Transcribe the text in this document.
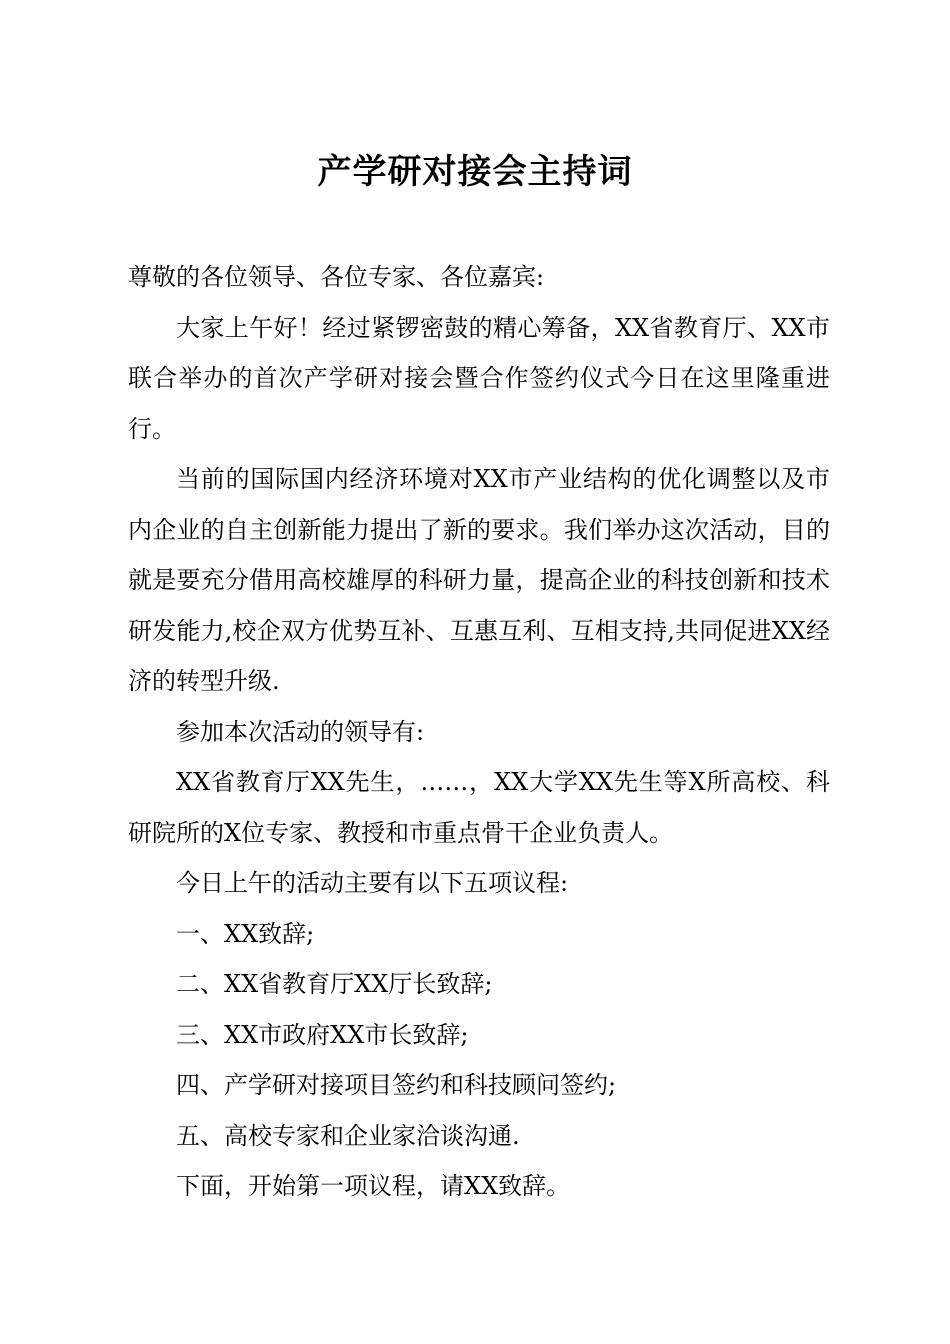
产学研对接会主持词

尊敬的各位领导、各位专家、各位嘉宾:

大家上午好！经过紧锣密鼓的精心筹备，XX省教育厅、XX市联合举办的首次产学研对接会暨合作签约仪式今日在这里隆重进行。

当前的国际国内经济环境对XX市产业结构的优化调整以及市内企业的自主创新能力提出了新的要求。我们举办这次活动，目的就是要充分借用高校雄厚的科研力量，提高企业的科技创新和技术研发能力,校企双方优势互补、互惠互利、互相支持,共同促进XX经济的转型升级.

参加本次活动的领导有:

XX省教育厅XX先生，……，XX大学XX先生等X所高校、科研院所的X位专家、教授和市重点骨干企业负责人。

今日上午的活动主要有以下五项议程:

一、XX致辞;

二、XX省教育厅XX厅长致辞;

三、XX市政府XX市长致辞;

四、产学研对接项目签约和科技顾问签约;

五、高校专家和企业家洽谈沟通.

下面，开始第一项议程，请XX致辞。
